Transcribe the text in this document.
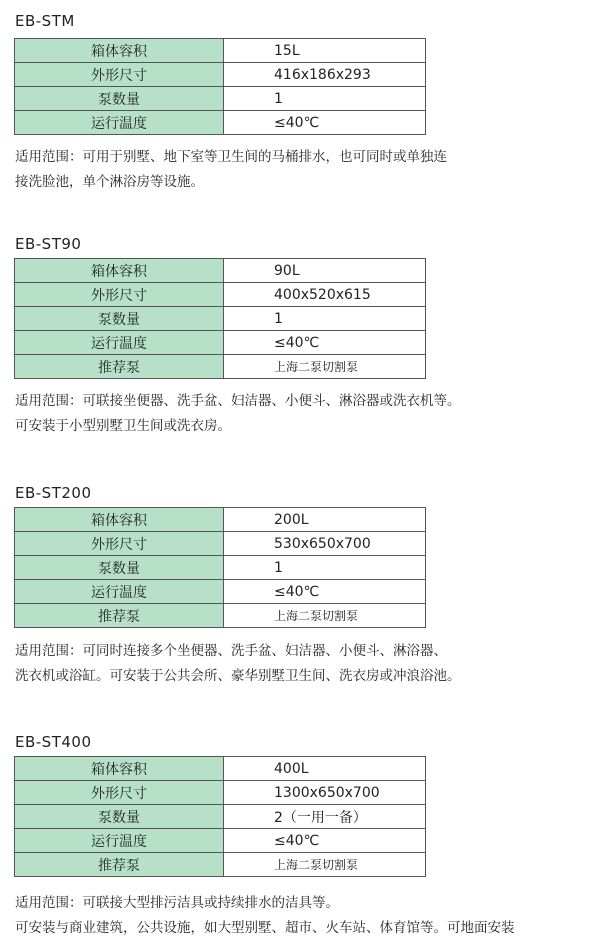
EB-STM
箱体容积	15L
外形尺寸	416x186x293
泵数量	1
运行温度	≤40℃
适用范围：可用于别墅、地下室等卫生间的马桶排水，也可同时或单独连
接洗脸池，单个淋浴房等设施。
EB-ST90
箱体容积	90L
外形尺寸	400x520x615
泵数量	1
运行温度	≤40℃
推荐泵	上海二泵切割泵
适用范围：可联接坐便器、洗手盆、妇洁器、小便斗、淋浴器或洗衣机等。
可安装于小型别墅卫生间或洗衣房。
EB-ST200
箱体容积	200L
外形尺寸	530x650x700
泵数量	1
运行温度	≤40℃
推荐泵	上海二泵切割泵
适用范围：可同时连接多个坐便器、洗手盆、妇洁器、小便斗、淋浴器、
洗衣机或浴缸。可安装于公共会所、豪华别墅卫生间、洗衣房或冲浪浴池。
EB-ST400
箱体容积	400L
外形尺寸	1300x650x700
泵数量	2（一用一备）
运行温度	≤40℃
推荐泵	上海二泵切割泵
适用范围：可联接大型排污洁具或持续排水的洁具等。
可安装与商业建筑，公共设施，如大型别墅、超市、火车站、体育馆等。可地面安装
